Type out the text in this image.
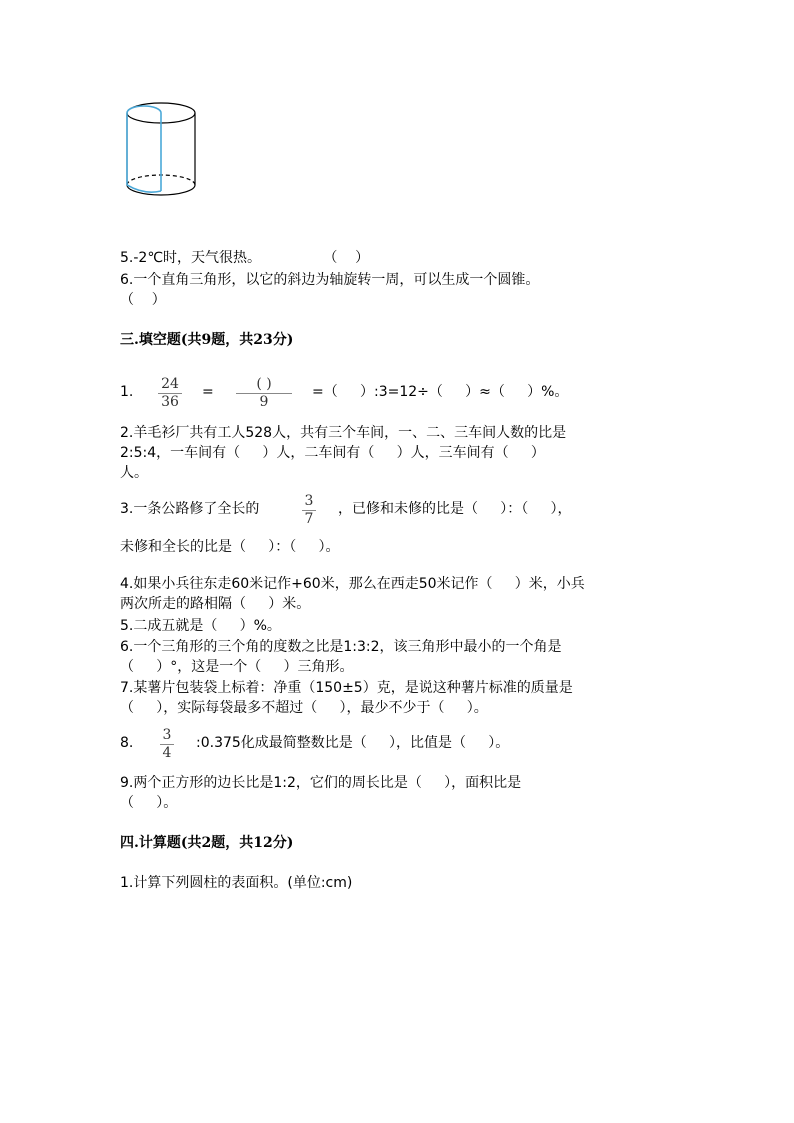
5.-2℃时，天气很热。              （    ）
6.一个直角三角形，以它的斜边为轴旋转一周，可以生成一个圆锥。
（    ）
三.填空题(共9题，共23分)
1. 24
36
=	( )
9
=（     ）:3=12÷（     ）≈（     ）%。
2.羊毛衫厂共有工人528人，共有三个车间，一、二、三车间人数的比是
2:5:4，一车间有（     ）人，二车间有（     ）人，三车间有（     ）
人。
3.一条公路修了全长的	3
7
，已修和未修的比是（     ）：（     ），
未修和全长的比是（     ）：（     ）。
4.如果小兵往东走60米记作+60米，那么在西走50米记作（     ）米，小兵
两次所走的路相隔（     ）米。
5.二成五就是（     ）%。
6.一个三角形的三个角的度数之比是1:3:2，该三角形中最小的一个角是
（     ）°，这是一个（     ）三角形。
7.某薯片包装袋上标着：净重（150±5）克，是说这种薯片标准的质量是
（     ），实际每袋最多不超过（     ），最少不少于（     ）。
8. 3
4
:0.375化成最简整数比是（     ），比值是（     ）。
9.两个正方形的边长比是1:2，它们的周长比是（     ），面积比是
（     ）。
四.计算题(共2题，共12分)
1.计算下列圆柱的表面积。(单位:cm)
